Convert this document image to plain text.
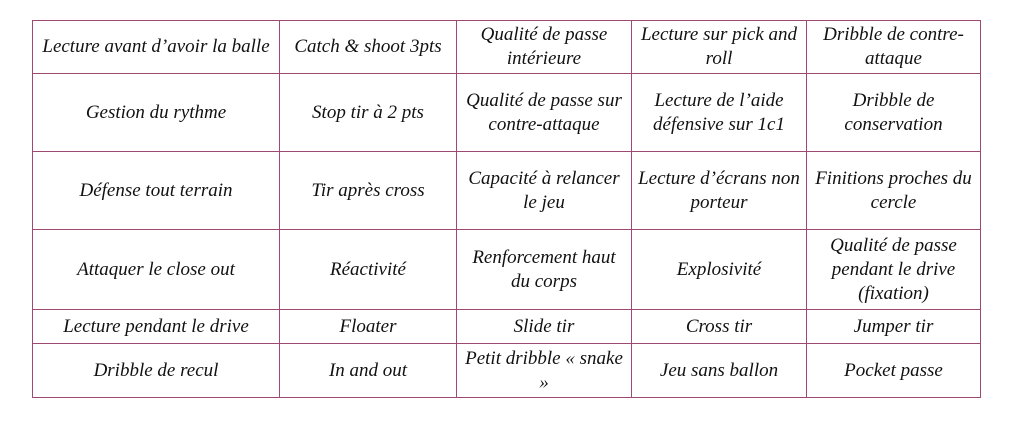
Lecture avant d’avoir la balle	Catch & shoot 3pts	Qualité de passe intérieure	Lecture sur pick and roll	Dribble de contre-attaque
Gestion du rythme	Stop tir à 2 pts	Qualité de passe sur contre-attaque	Lecture de l’aide défensive sur 1c1	Dribble de conservation
Défense tout terrain	Tir après cross	Capacité à relancer le jeu	Lecture d’écrans non porteur	Finitions proches du cercle
Attaquer le close out	Réactivité	Renforcement haut du corps	Explosivité	Qualité de passe pendant le drive (fixation)
Lecture pendant le drive	Floater	Slide tir	Cross tir	Jumper tir
Dribble de recul	In and out	Petit dribble « snake »	Jeu sans ballon	Pocket passe
